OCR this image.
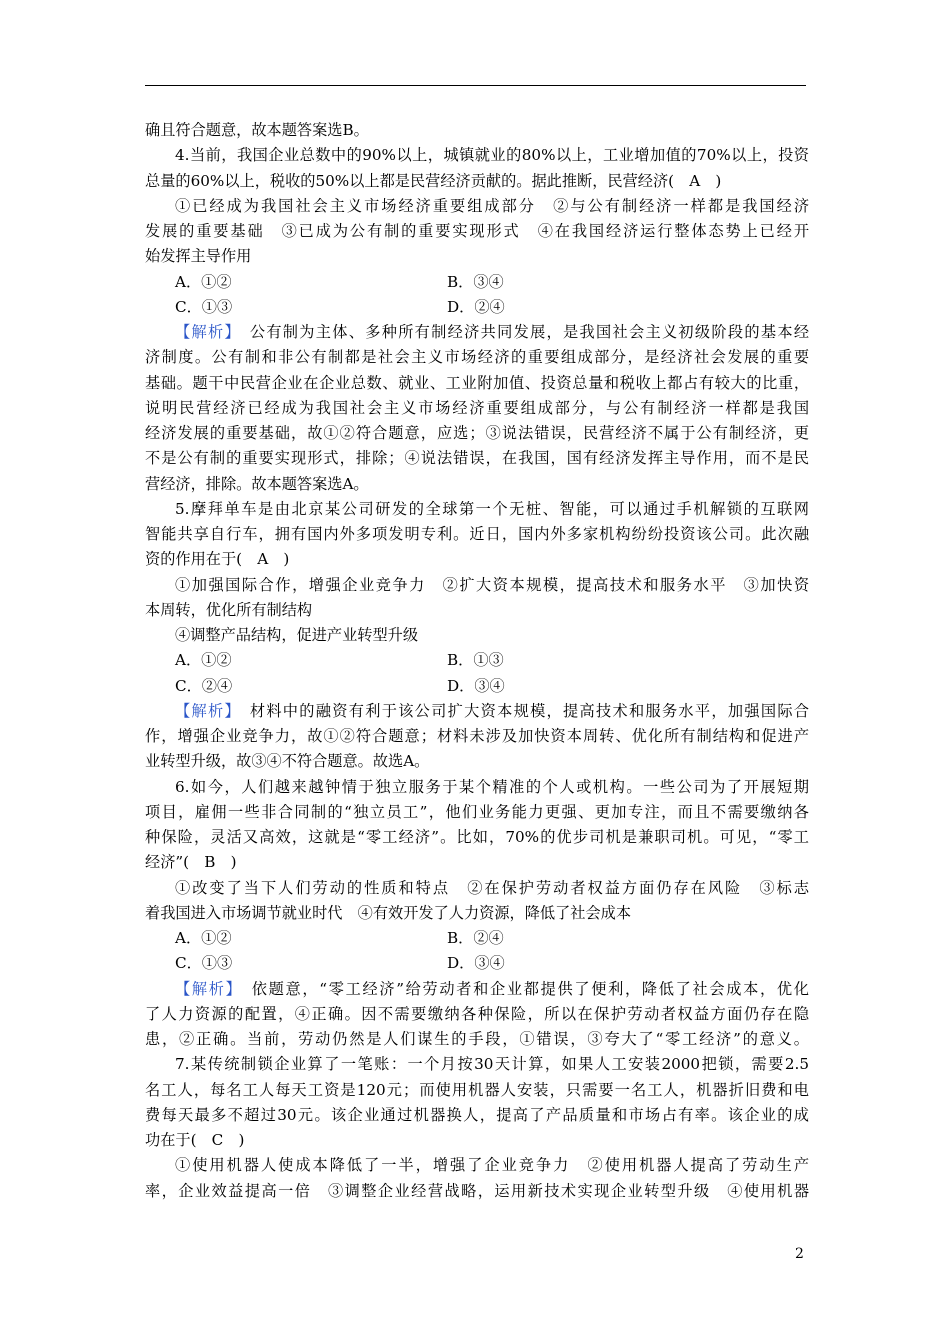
确且符合题意，故本题答案选B。
4.当前，我国企业总数中的90%以上，城镇就业的80%以上，工业增加值的70%以上，投资
总量的60%以上，税收的50%以上都是民营经济贡献的。据此推断，民营经济(　A　)
①已经成为我国社会主义市场经济重要组成部分　②与公有制经济一样都是我国经济
发展的重要基础　③已成为公有制的重要实现形式　④在我国经济运行整体态势上已经开
始发挥主导作用
A．①②	B．③④
C．①③	D．②④
【解析】　公有制为主体、多种所有制经济共同发展，是我国社会主义初级阶段的基本经
济制度。公有制和非公有制都是社会主义市场经济的重要组成部分，是经济社会发展的重要
基础。题干中民营企业在企业总数、就业、工业附加值、投资总量和税收上都占有较大的比重，
说明民营经济已经成为我国社会主义市场经济重要组成部分，与公有制经济一样都是我国
经济发展的重要基础，故①②符合题意，应选；③说法错误，民营经济不属于公有制经济，更
不是公有制的重要实现形式，排除；④说法错误，在我国，国有经济发挥主导作用，而不是民
营经济，排除。故本题答案选A。
5.摩拜单车是由北京某公司研发的全球第一个无桩、智能，可以通过手机解锁的互联网
智能共享自行车，拥有国内外多项发明专利。近日，国内外多家机构纷纷投资该公司。此次融
资的作用在于(　A　)
①加强国际合作，增强企业竞争力　②扩大资本规模，提高技术和服务水平　③加快资
本周转，优化所有制结构
④调整产品结构，促进产业转型升级
A．①②	B．①③
C．②④	D．③④
【解析】　材料中的融资有利于该公司扩大资本规模，提高技术和服务水平，加强国际合
作，增强企业竞争力，故①②符合题意；材料未涉及加快资本周转、优化所有制结构和促进产
业转型升级，故③④不符合题意。故选A。
6.如今，人们越来越钟情于独立服务于某个精准的个人或机构。一些公司为了开展短期
项目，雇佣一些非合同制的“独立员工”，他们业务能力更强、更加专注，而且不需要缴纳各
种保险，灵活又高效，这就是“零工经济”。比如，70%的优步司机是兼职司机。可见，“零工
经济”(　B　)
①改变了当下人们劳动的性质和特点　②在保护劳动者权益方面仍存在风险　③标志
着我国进入市场调节就业时代　④有效开发了人力资源，降低了社会成本
A．①②	B．②④
C．①③	D．③④
【解析】　依题意，“零工经济”给劳动者和企业都提供了便利，降低了社会成本，优化
了人力资源的配置，④正确。因不需要缴纳各种保险，所以在保护劳动者权益方面仍存在隐
患，②正确。当前，劳动仍然是人们谋生的手段，①错误，③夸大了“零工经济”的意义。
7.某传统制锁企业算了一笔账：一个月按30天计算，如果人工安装2000把锁，需要2.5
名工人，每名工人每天工资是120元；而使用机器人安装，只需要一名工人，机器折旧费和电
费每天最多不超过30元。该企业通过机器换人，提高了产品质量和市场占有率。该企业的成
功在于(　C　)
①使用机器人使成本降低了一半，增强了企业竞争力　②使用机器人提高了劳动生产
率，企业效益提高一倍　③调整企业经营战略，运用新技术实现企业转型升级　④使用机器
2
